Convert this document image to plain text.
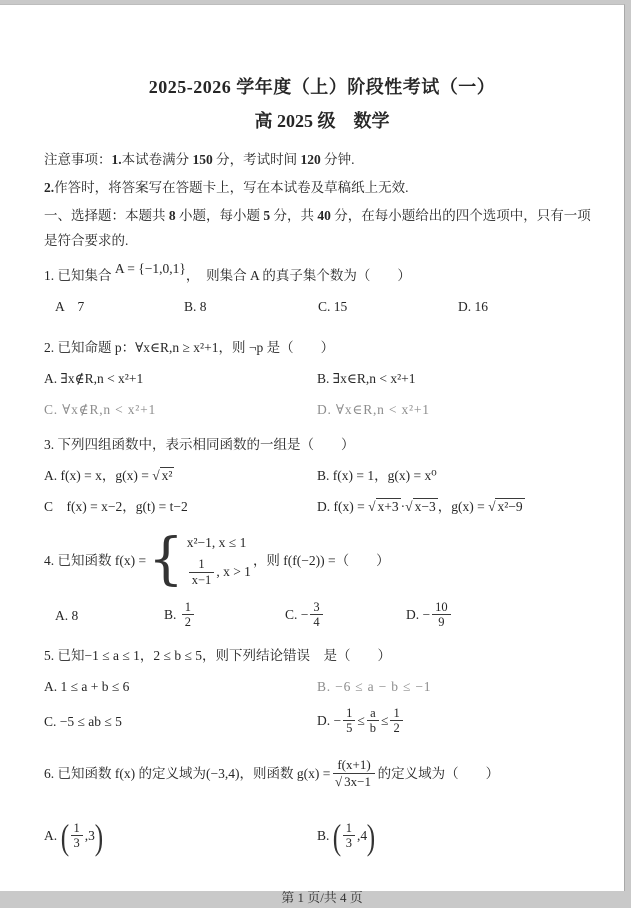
2025-2026 学年度（上）阶段性考试（一）
高 2025 级　数学
注意事项：1.本试卷满分 150 分，考试时间 120 分钟.
2.作答时，将答案写在答题卡上，写在本试卷及草稿纸上无效.
一、选择题：本题共 8 小题，每小题 5 分，共 40 分，在每小题给出的四个选项中，只有一项
是符合要求的.
1. 已知集合 A = {−1,0,1}，　则集合 A 的真子集个数为（　　）
A　7	B. 8	C. 15	D. 16
2. 已知命题 p：∀x∈R,n ≥ x²+1，则 ¬p 是（　　）
A. ∃x∉R,n < x²+1	B. ∃x∈R,n < x²+1
C. ∀x∉R,n < x²+1	D. ∀x∈R,n < x²+1
3. 下列四组函数中，表示相同函数的一组是（　　）
A. f(x) = x，g(x) = √ x²	B. f(x) = 1，g(x) = x⁰
C　f(x) = x−2，g(t) = t−2	D. f(x) = √ x+3 ·√ x−3 ，g(x) = √ x²−9
4. 已知函数 f(x) = { x²−1, x ≤ 1
$\frac{1}{x-1}$ , x > 1
，则 f(f(−2)) =（　　）
A. 8	B. $\frac{1}{2}$	C. − $\frac{3}{4}$	D. − $\frac{10}{9}$
5. 已知−1 ≤ a ≤ 1，2 ≤ b ≤ 5，则下列结论错误　是（　　）
A. 1 ≤ a + b ≤ 6	B. −6 ≤ a − b ≤ −1
C. −5 ≤ ab ≤ 5	D. − $\frac{1}{5} \le \frac{a}{b} \le \frac{1}{2}$
6. 已知函数 f(x) 的定义域为(−3,4)，则函数 $g(x) = \frac{f(x+1)}{√ 3x-1}$ 的定义域为（　　）
A. ( $\frac{1}{3} ,3$)	B. ( $\frac{1}{3} ,4$)
第 1 页/共 4 页
